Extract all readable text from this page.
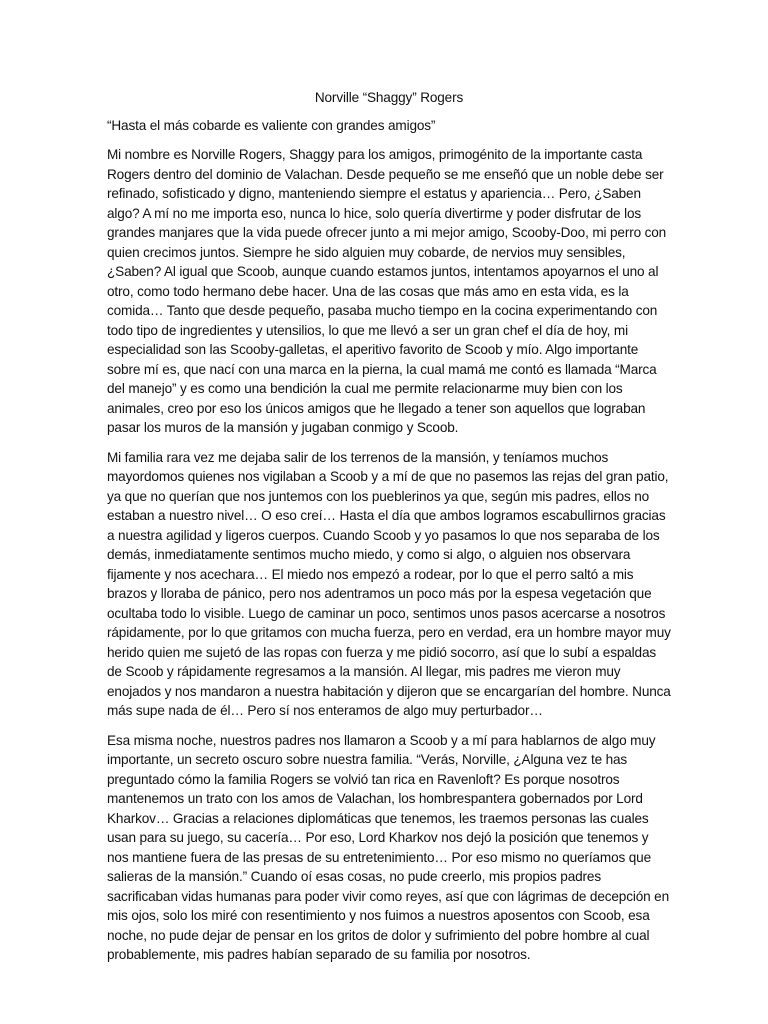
Norville “Shaggy” Rogers
“Hasta el más cobarde es valiente con grandes amigos”
Mi nombre es Norville Rogers, Shaggy para los amigos, primogénito de la importante casta Rogers dentro del dominio de Valachan. Desde pequeño se me enseñó que un noble debe ser refinado, sofisticado y digno, manteniendo siempre el estatus y apariencia… Pero, ¿Saben algo? A mí no me importa eso, nunca lo hice, solo quería divertirme y poder disfrutar de los grandes manjares que la vida puede ofrecer junto a mi mejor amigo, Scooby-Doo, mi perro con quien crecimos juntos. Siempre he sido alguien muy cobarde, de nervios muy sensibles, ¿Saben? Al igual que Scoob, aunque cuando estamos juntos, intentamos apoyarnos el uno al otro, como todo hermano debe hacer. Una de las cosas que más amo en esta vida, es la comida… Tanto que desde pequeño, pasaba mucho tiempo en la cocina experimentando con todo tipo de ingredientes y utensilios, lo que me llevó a ser un gran chef el día de hoy, mi especialidad son las Scooby-galletas, el aperitivo favorito de Scoob y mío. Algo importante sobre mí es, que nací con una marca en la pierna, la cual mamá me contó es llamada “Marca del manejo” y es como una bendición la cual me permite relacionarme muy bien con los animales, creo por eso los únicos amigos que he llegado a tener son aquellos que lograban pasar los muros de la mansión y jugaban conmigo y Scoob.
Mi familia rara vez me dejaba salir de los terrenos de la mansión, y teníamos muchos mayordomos quienes nos vigilaban a Scoob y a mí de que no pasemos las rejas del gran patio, ya que no querían que nos juntemos con los pueblerinos ya que, según mis padres, ellos no estaban a nuestro nivel… O eso creí… Hasta el día que ambos logramos escabullirnos gracias a nuestra agilidad y ligeros cuerpos. Cuando Scoob y yo pasamos lo que nos separaba de los demás, inmediatamente sentimos mucho miedo, y como si algo, o alguien nos observara fijamente y nos acechara… El miedo nos empezó a rodear, por lo que el perro saltó a mis brazos y lloraba de pánico, pero nos adentramos un poco más por la espesa vegetación que ocultaba todo lo visible. Luego de caminar un poco, sentimos unos pasos acercarse a nosotros rápidamente, por lo que gritamos con mucha fuerza, pero en verdad, era un hombre mayor muy herido quien me sujetó de las ropas con fuerza y me pidió socorro, así que lo subí a espaldas de Scoob y rápidamente regresamos a la mansión. Al llegar, mis padres me vieron muy enojados y nos mandaron a nuestra habitación y dijeron que se encargarían del hombre. Nunca más supe nada de él… Pero sí nos enteramos de algo muy perturbador…
Esa misma noche, nuestros padres nos llamaron a Scoob y a mí para hablarnos de algo muy importante, un secreto oscuro sobre nuestra familia. “Verás, Norville, ¿Alguna vez te has preguntado cómo la familia Rogers se volvió tan rica en Ravenloft? Es porque nosotros mantenemos un trato con los amos de Valachan, los hombrespantera gobernados por Lord Kharkov… Gracias a relaciones diplomáticas que tenemos, les traemos personas las cuales usan para su juego, su cacería… Por eso, Lord Kharkov nos dejó la posición que tenemos y nos mantiene fuera de las presas de su entretenimiento… Por eso mismo no queríamos que salieras de la mansión.” Cuando oí esas cosas, no pude creerlo, mis propios padres sacrificaban vidas humanas para poder vivir como reyes, así que con lágrimas de decepción en mis ojos, solo los miré con resentimiento y nos fuimos a nuestros aposentos con Scoob, esa noche, no pude dejar de pensar en los gritos de dolor y sufrimiento del pobre hombre al cual probablemente, mis padres habían separado de su familia por nosotros.
